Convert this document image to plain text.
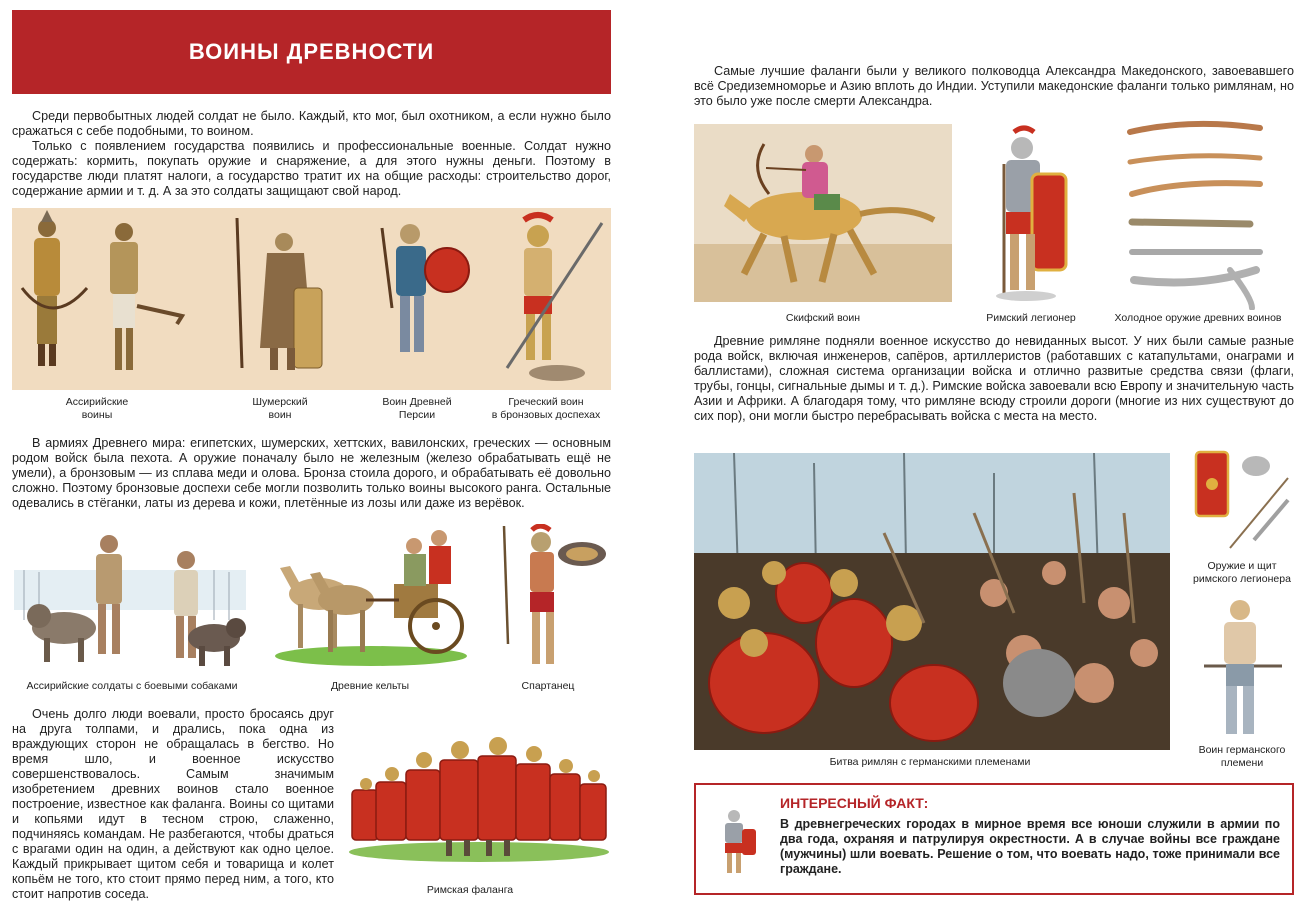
ВОИНЫ ДРЕВНОСТИ

Среди первобытных людей солдат не было. Каждый, кто мог, был охотником, а если нужно было сражаться с себе подобными, то воином.

Только с появлением государства появились и профессиональные военные. Солдат нужно содержать: кормить, покупать оружие и снаряжение, а для этого нужны деньги. Поэтому в государстве люди платят налоги, а государство тратит их на общие расходы: строительство дорог, содержание армии и т. д. А за это солдаты защищают свой народ.

Ассирийские
воины
Шумерский
воин
Воин Древней
Персии
Греческий воин
в бронзовых доспехах

В армиях Древнего мира: египетских, шумерских, хеттских, вавилонских, греческих — основным родом войск была пехота. А оружие поначалу было не железным (железо обрабатывать ещё не умели), а бронзовым — из сплава меди и олова. Бронза стоила дорого, и обрабатывать её довольно сложно. Поэтому бронзовые доспехи себе могли позволить только воины высокого ранга. Остальные одевались в стёганки, латы из дерева и кожи, плетённые из лозы или даже из верёвок.

Ассирийские солдаты с боевыми собаками	Древние кельты	Спартанец

Очень долго люди воевали, просто бросаясь друг на друга толпами, и дрались, пока одна из враждующих сторон не обращалась в бегство. Но время шло, и военное искусство совершенствовалось. Самым значимым изобретением древних воинов стало военное построение, известное как фаланга. Воины со щитами и копьями идут в тесном строю, слаженно, подчиняясь командам. Не разбегаются, чтобы драться с врагами один на один, а действуют как одно целое. Каждый прикрывает щитом себя и товарища и колет копьём не того, кто стоит прямо перед ним, а того, кто стоит напротив соседа.	Римская фаланга

Самые лучшие фаланги были у великого полководца Александра Македонского, завоевавшего всё Средиземноморье и Азию вплоть до Индии. Уступили македонские фаланги только римлянам, но это было уже после смерти Александра.

Скифский воин	Римский легионер	Холодное оружие древних воинов

Древние римляне подняли военное искусство до невиданных высот. У них были самые разные рода войск, включая инженеров, сапёров, артиллеристов (работавших с катапультами, онаграми и баллистами), сложная система организации войска и отлично развитые средства связи (флаги, трубы, гонцы, сигнальные дымы и т. д.). Римские войска завоевали всю Европу и значительную часть Азии и Африки. А благодаря тому, что римляне всюду строили дороги (многие из них существуют до сих пор), они могли быстро перебрасывать войска с места на место.

Битва римлян с германскими племенами
Оружие и щит
римского легионера
Воин германского
племени
ИНТЕРЕСНЫЙ ФАКТ:
В древнегреческих городах в мирное время все юноши служили в армии по два года, охраняя и патрулируя окрестности. А в случае войны все граждане (мужчины) шли воевать. Решение о том, что воевать надо, тоже принимали все граждане.
